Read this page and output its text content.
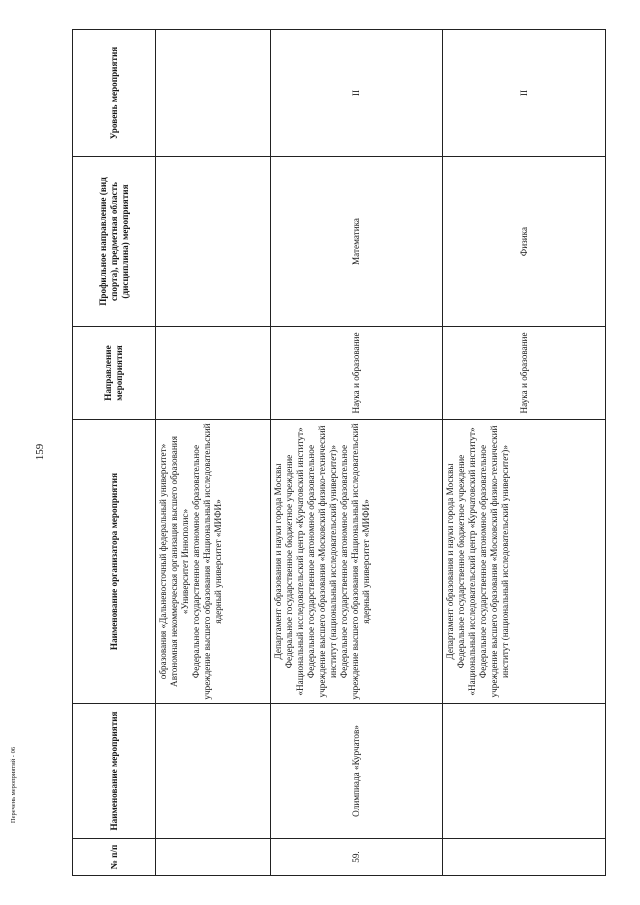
159
№ п/п	Наименование мероприятия	Наименование организатора мероприятия	Направление мероприятия	Профильное направление (вид спорта), предметная область (дисциплина) мероприятия	Уровень мероприятия

		образования «Дальневосточный федеральный университет» Автономная некоммерческая организация высшего образования «Университет Иннополис» Федеральное государственное автономное образовательное учреждение высшего образования «Национальный исследовательский ядерный университет «МИФИ»			

59.	Олимпиада «Курчатов»	Департамент образования и науки города Москвы Федеральное государственное бюджетное учреждение «Национальный исследовательский центр «Курчатовский институт» Федеральное государственное автономное образовательное учреждение высшего образования «Московский физико-технический институт (национальный исследовательский университет)» Федеральное государственное автономное образовательное учреждение высшего образования «Национальный исследовательский ядерный университет «МИФИ»	Наука и образование	Математика	II

		Департамент образования и науки города Москвы Федеральное государственное бюджетное учреждение «Национальный исследовательский центр «Курчатовский институт» Федеральное государственное автономное образовательное учреждение высшего образования «Московский физико-технический институт (национальный исследовательский университет)»	Наука и образование	Физика	II
Перечень мероприятий - 06
